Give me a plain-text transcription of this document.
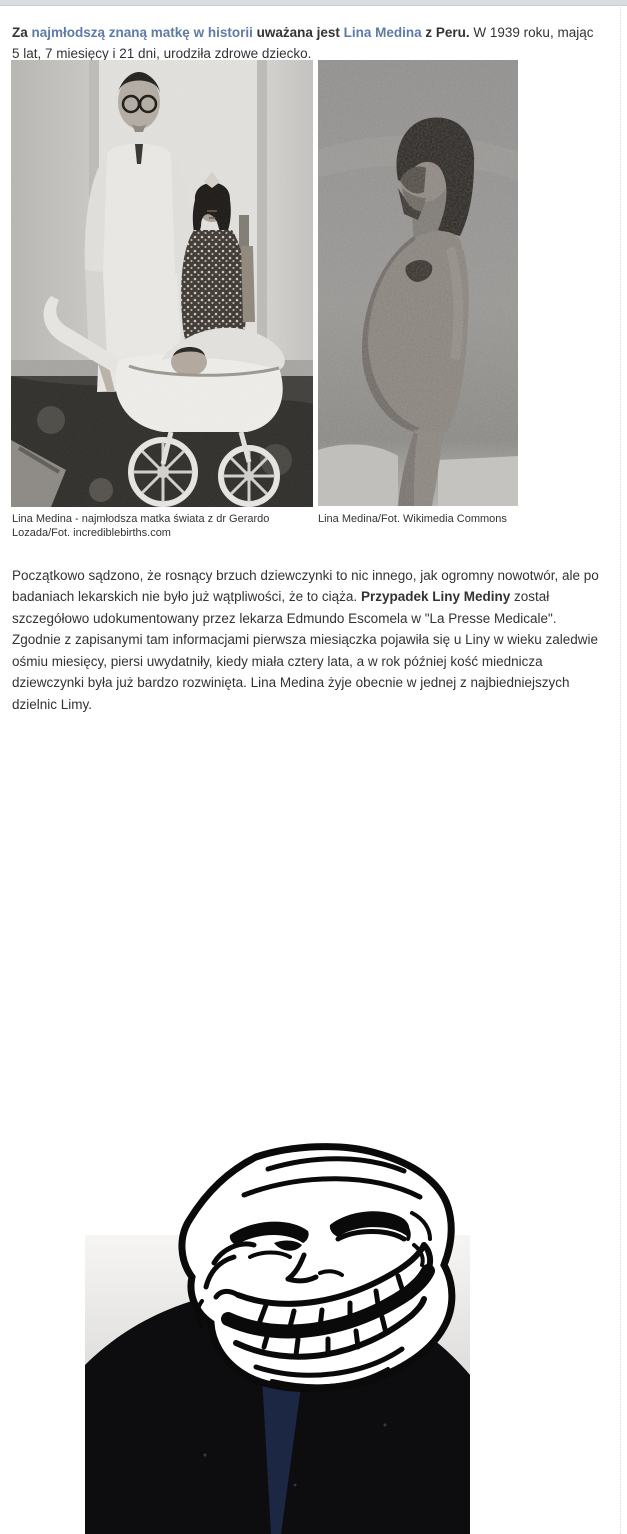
Za najmłodszą znaną matkę w historii uważana jest Lina Medina z Peru. W 1939 roku, mając 5 lat, 7 miesięcy i 21 dni, urodziła zdrowe dziecko.

Lina Medina - najmłodsza matka świata z dr Gerardo Lozada/Fot. incrediblebirths.com
Lina Medina/Fot. Wikimedia Commons

Początkowo sądzono, że rosnący brzuch dziewczynki to nic innego, jak ogromny nowotwór, ale po badaniach lekarskich nie było już wątpliwości, że to ciąża. Przypadek Liny Mediny został szczegółowo udokumentowany przez lekarza Edmundo Escomela w "La Presse Medicale". Zgodnie z zapisanymi tam informacjami pierwsza miesiączka pojawiła się u Liny w wieku zaledwie ośmiu miesięcy, piersi uwydatniły, kiedy miała cztery lata, a w rok później kość miednicza dziewczynki była już bardzo rozwinięta. Lina Medina żyje obecnie w jednej z najbiedniejszych dzielnic Limy.
